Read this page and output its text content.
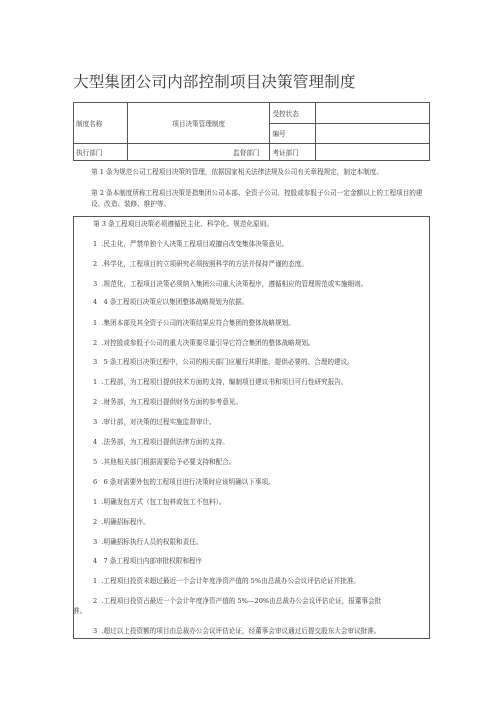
大型集团公司内部控制项目决策管理制度
制度名称	项目决策管理制度	受控状态	
		编号	
执行部门	监督部门	考证部门	
第 1 条为规范公司工程项目决策的管理，依据国家相关法律法规及公司有关章程规定，制定本制度。
第 2 条本制度所称工程项目决策是指集团公司本部、全资子公司、控股或参股子公司一定金额以上的工程项目的建设、改造、装修、维护等。
第 3 条工程项目决策必须遵循民主化、科学化、规范化原则。
1 .民主化，严禁单独个人决策工程项目或擅自改变集体决策意见。
2 .科学化，工程项目的立项研究必须按照科学的方法并保持严谨的态度。
3 .规范化，工程项目决策必须纳入集团公司重大决策程序，遵循相应的管理规范或实施细则。
4 4 条工程项目决策应以集团整体战略规划为依据。
1 .集团本部及其全资子公司的决策结果应符合集团的整体战略规划。
2 .对控股或参股子公司的重大决策要尽量引导它符合集团的整体战略规划。
3 5 条工程项目决策过程中，公司的相关部门应履行其职能，提供必要的、合理的建议。
1 .工程部，为工程项目提供技术方面的支持，编制项目建议书和项目可行性研究报告。
2 .财务部，为工程项目提供财务方面的参考意见。
3 .审计部，对决策的过程实施监督审计。
4 .法务部，为工程项目提供法律方面的支持。
5 .其他相关部门根据需要给予必要支持和配合。
6 6 条对需要外包的工程项目进行决策时应该明确以下事项。
1 .明确发包方式（包工包料或包工不包料）。
2 .明确招标程序。
3 .明确招标执行人员的权限和责任。
4 7 条工程项目内部审批权限和程序
1 .工程项目投资未超过最近一个会计年度净资产值的 5%由总裁办公会议评估论证并批准。
2 .工程项目投资占最近一个会计年度净资产值的 5%—20%由总裁办公会议评估论证，报董事会批
准。
3 .超过以上投资额的项目由总裁办公会议评估论证，经董事会审议通过后提交股东大会审议批准。
